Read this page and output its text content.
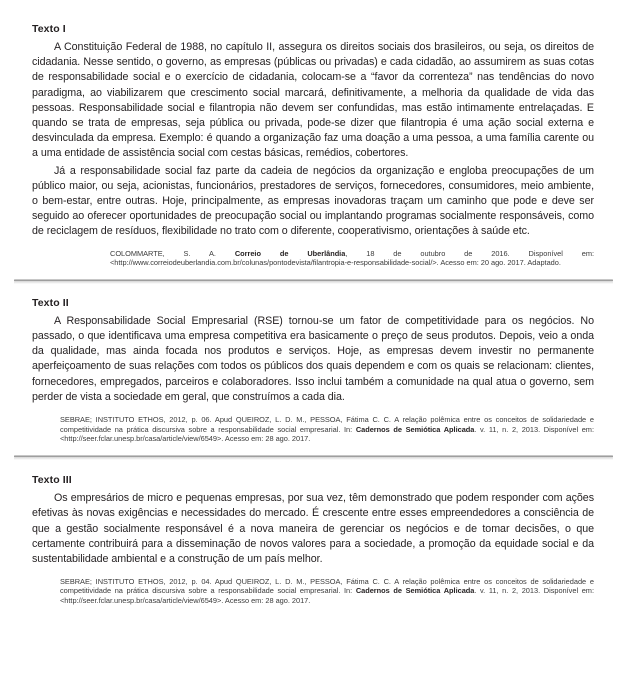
Texto I

A Constituição Federal de 1988, no capítulo II, assegura os direitos sociais dos brasileiros, ou seja, os direitos de cidadania. Nesse sentido, o governo, as empresas (públicas ou privadas) e cada cidadão, ao assumirem as suas cotas de responsabilidade social e o exercício de cidadania, colocam-se a “favor da correnteza” nas tendências do novo paradigma, ao viabilizarem que crescimento social marcará, definitivamente, a melhoria da qualidade de vida das pessoas. Responsabilidade social e filantropia não devem ser confundidas, mas estão intimamente entrelaçadas. E quando se trata de empresas, seja pública ou privada, pode-se dizer que filantropia é uma ação social externa e desvinculada da empresa. Exemplo: é quando a organização faz uma doação a uma pessoa, a uma família carente ou a uma entidade de assistência social com cestas básicas, remédios, cobertores.

Já a responsabilidade social faz parte da cadeia de negócios da organização e engloba preocupações de um público maior, ou seja, acionistas, funcionários, prestadores de serviços, fornecedores, consumidores, meio ambiente, o bem-estar, entre outras. Hoje, principalmente, as empresas inovadoras traçam um caminho que pode e deve ser seguido ao oferecer oportunidades de preocupação social ou implantando programas socialmente responsáveis, como de reciclagem de resíduos, flexibilidade no trato com o diferente, cooperativismo, orientações à saúde etc.

COLOMMARTE, S. A. Correio de Uberlândia, 18 de outubro de 2016. Disponível em: <http://www.correiodeuberlandia.com.br/colunas/pontodevista/filantropia-e-responsabilidade-social/>. Acesso em: 20 ago. 2017. Adaptado.

Texto II

A Responsabilidade Social Empresarial (RSE) tornou-se um fator de competitividade para os negócios. No passado, o que identificava uma empresa competitiva era basicamente o preço de seus produtos. Depois, veio a onda da qualidade, mas ainda focada nos produtos e serviços. Hoje, as empresas devem investir no permanente aperfeiçoamento de suas relações com todos os públicos dos quais dependem e com os quais se relacionam: clientes, fornecedores, empregados, parceiros e colaboradores. Isso inclui também a comunidade na qual atua o governo, sem perder de vista a sociedade em geral, que construímos a cada dia.

SEBRAE; INSTITUTO ETHOS, 2012, p. 06. Apud QUEIROZ, L. D. M., PESSOA, Fátima C. C. A relação polêmica entre os conceitos de solidariedade e competitividade na prática discursiva sobre a responsabilidade social empresarial. In: Cadernos de Semiótica Aplicada. v. 11, n. 2, 2013. Disponível em: <http://seer.fclar.unesp.br/casa/article/view/6549>. Acesso em: 28 ago. 2017.

Texto III

Os empresários de micro e pequenas empresas, por sua vez, têm demonstrado que podem responder com ações efetivas às novas exigências e necessidades do mercado. É crescente entre esses empreendedores a consciência de que a gestão socialmente responsável é a nova maneira de gerenciar os negócios e de tomar decisões, o que certamente contribuirá para a disseminação de novos valores para a sociedade, a promoção da equidade social e da sustentabilidade ambiental e a construção de um país melhor.

SEBRAE; INSTITUTO ETHOS, 2012, p. 04. Apud QUEIROZ, L. D. M., PESSOA, Fátima C. C. A relação polêmica entre os conceitos de solidariedade e competitividade na prática discursiva sobre a responsabilidade social empresarial. In: Cadernos de Semiótica Aplicada. v. 11, n. 2, 2013. Disponível em: <http://seer.fclar.unesp.br/casa/article/view/6549>. Acesso em: 28 ago. 2017.
